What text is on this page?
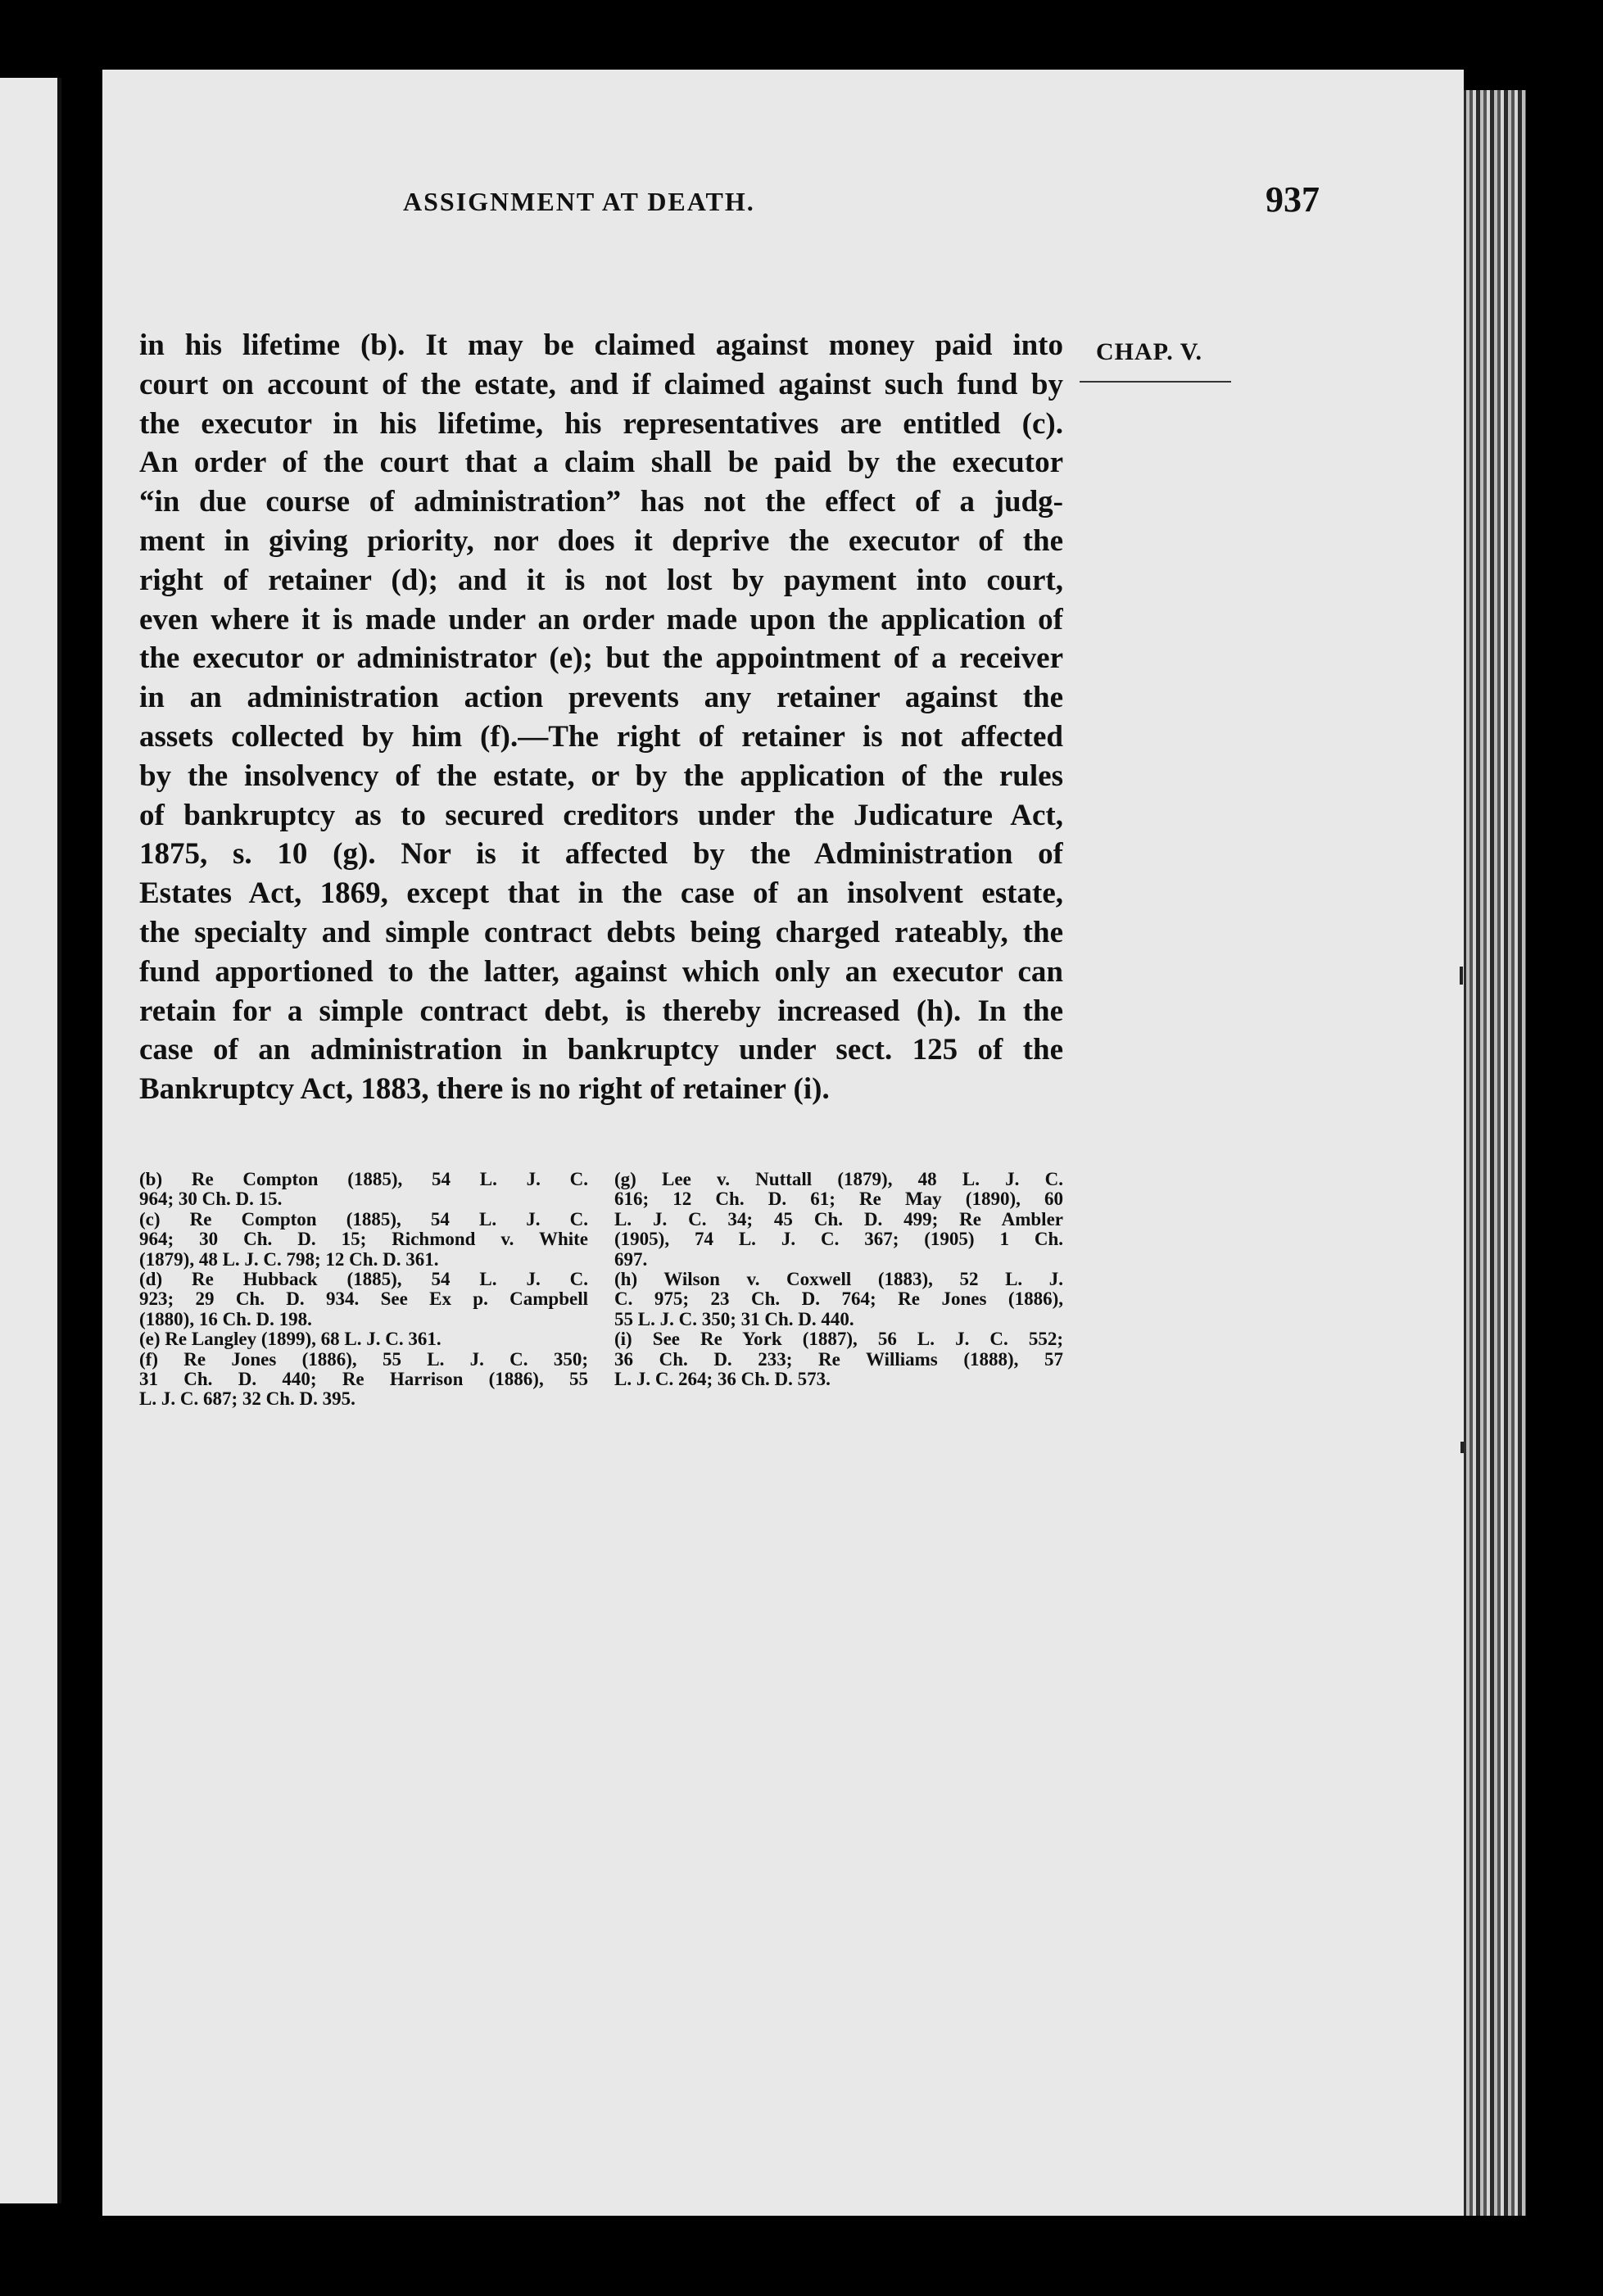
ASSIGNMENT AT DEATH.	937
CHAP. V.
in his lifetime (b). It may be claimed against money paid into
court on account of the estate, and if claimed against such fund by
the executor in his lifetime, his representatives are entitled (c).
An order of the court that a claim shall be paid by the executor
“in due course of administration” has not the effect of a judg-
ment in giving priority, nor does it deprive the executor of the
right of retainer (d); and it is not lost by payment into court,
even where it is made under an order made upon the application of
the executor or administrator (e); but the appointment of a receiver
in an administration action prevents any retainer against the
assets collected by him (f).—The right of retainer is not affected
by the insolvency of the estate, or by the application of the rules
of bankruptcy as to secured creditors under the Judicature Act,
1875, s. 10 (g). Nor is it affected by the Administration of
Estates Act, 1869, except that in the case of an insolvent estate,
the specialty and simple contract debts being charged rateably, the
fund apportioned to the latter, against which only an executor can
retain for a simple contract debt, is thereby increased (h). In the
case of an administration in bankruptcy under sect. 125 of the
Bankruptcy Act, 1883, there is no right of retainer (i).
(b) Re Compton (1885), 54 L. J. C.
964; 30 Ch. D. 15.
(c) Re Compton (1885), 54 L. J. C.
964; 30 Ch. D. 15; Richmond v. White
(1879), 48 L. J. C. 798; 12 Ch. D. 361.
(d) Re Hubback (1885), 54 L. J. C.
923; 29 Ch. D. 934. See Ex p. Campbell
(1880), 16 Ch. D. 198.
(e) Re Langley (1899), 68 L. J. C. 361.
(f) Re Jones (1886), 55 L. J. C. 350;
31 Ch. D. 440; Re Harrison (1886), 55
L. J. C. 687; 32 Ch. D. 395.
(g) Lee v. Nuttall (1879), 48 L. J. C.
616; 12 Ch. D. 61; Re May (1890), 60
L. J. C. 34; 45 Ch. D. 499; Re Ambler
(1905), 74 L. J. C. 367; (1905) 1 Ch.
697.
(h) Wilson v. Coxwell (1883), 52 L. J.
C. 975; 23 Ch. D. 764; Re Jones (1886),
55 L. J. C. 350; 31 Ch. D. 440.
(i) See Re York (1887), 56 L. J. C. 552;
36 Ch. D. 233; Re Williams (1888), 57
L. J. C. 264; 36 Ch. D. 573.
